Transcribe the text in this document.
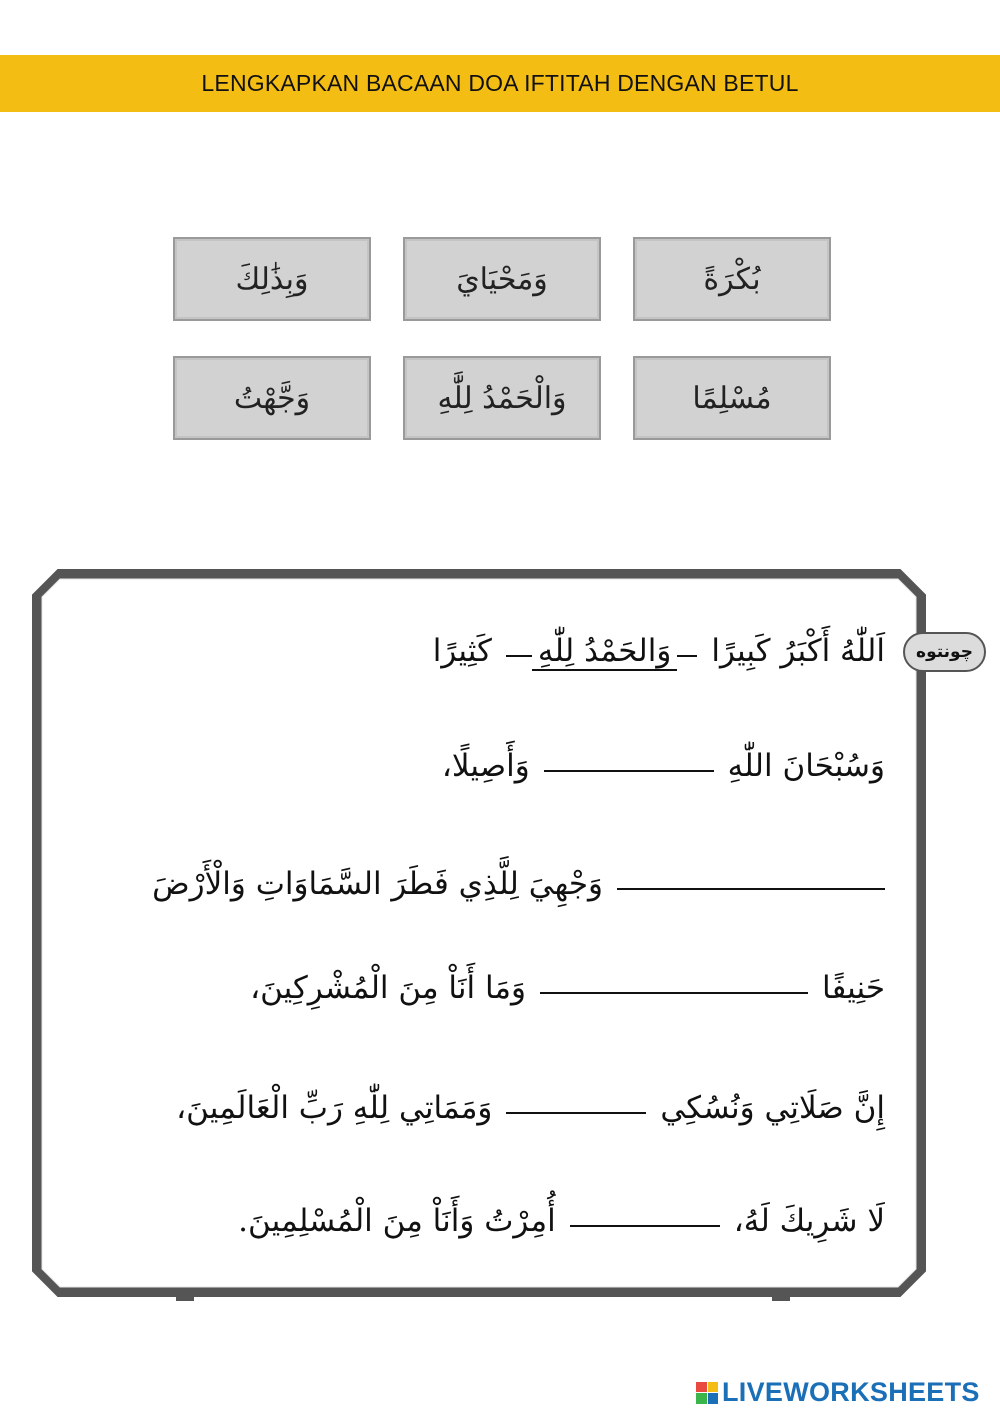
LENGKAPKAN BACAAN DOA IFTITAH DENGAN BETUL
بُكْرَةً
وَمَحْيَايَ
وَبِذَٰلِكَ
مُسْلِمًا
وَالْحَمْدُ لِلَّٰهِ
وَجَّهْتُ
چونتوه
اَللّٰهُ أَكْبَرُ كَبِيرًا
وَالحَمْدُ لِلّٰهِ
كَثِيرًا
وَسُبْحَانَ اللّٰهِ
وَأَصِيلًا،
وَجْهِيَ لِلَّذِي فَطَرَ السَّمَاوَاتِ وَالْأَرْضَ
حَنِيفًا
وَمَا أَنَاْ مِنَ الْمُشْرِكِينَ،
إِنَّ صَلَاتِي وَنُسُكِي
وَمَمَاتِي لِلّٰهِ رَبِّ الْعَالَمِينَ،
لَا شَرِيكَ لَهُ،
أُمِرْتُ وَأَنَاْ مِنَ الْمُسْلِمِينَ.
LIVEWORKSHEETS
